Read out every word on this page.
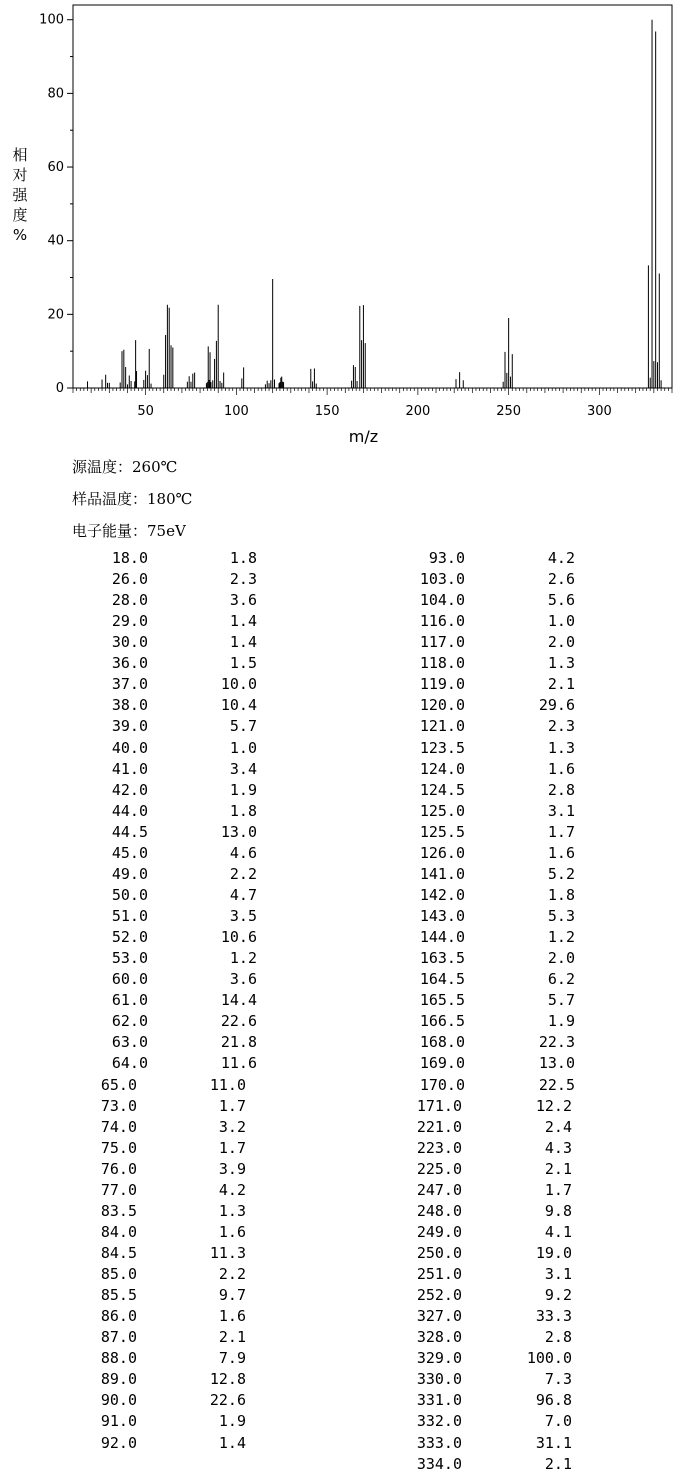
0
20
40
60
80
100
50	100	150	200	250	300
相
对
强
度
%
m/z
源温度：260℃
样品温度：180℃
电子能量：75eV
18.0	1.8
26.0	2.3
28.0	3.6
29.0	1.4
30.0	1.4
36.0	1.5
37.0	10.0
38.0	10.4
39.0	5.7
40.0	1.0
41.0	3.4
42.0	1.9
44.0	1.8
44.5	13.0
45.0	4.6
49.0	2.2
50.0	4.7
51.0	3.5
52.0	10.6
53.0	1.2
60.0	3.6
61.0	14.4
62.0	22.6
63.0	21.8
64.0	11.6
65.0	11.0
73.0	1.7
74.0	3.2
75.0	1.7
76.0	3.9
77.0	4.2
83.5	1.3
84.0	1.6
84.5	11.3
85.0	2.2
85.5	9.7
86.0	1.6
87.0	2.1
88.0	7.9
89.0	12.8
90.0	22.6
91.0	1.9
92.0	1.4
93.0	4.2
103.0	2.6
104.0	5.6
116.0	1.0
117.0	2.0
118.0	1.3
119.0	2.1
120.0	29.6
121.0	2.3
123.5	1.3
124.0	1.6
124.5	2.8
125.0	3.1
125.5	1.7
126.0	1.6
141.0	5.2
142.0	1.8
143.0	5.3
144.0	1.2
163.5	2.0
164.5	6.2
165.5	5.7
166.5	1.9
168.0	22.3
169.0	13.0
170.0	22.5
171.0	12.2
221.0	2.4
223.0	4.3
225.0	2.1
247.0	1.7
248.0	9.8
249.0	4.1
250.0	19.0
251.0	3.1
252.0	9.2
327.0	33.3
328.0	2.8
329.0	100.0
330.0	7.3
331.0	96.8
332.0	7.0
333.0	31.1
334.0	2.1
